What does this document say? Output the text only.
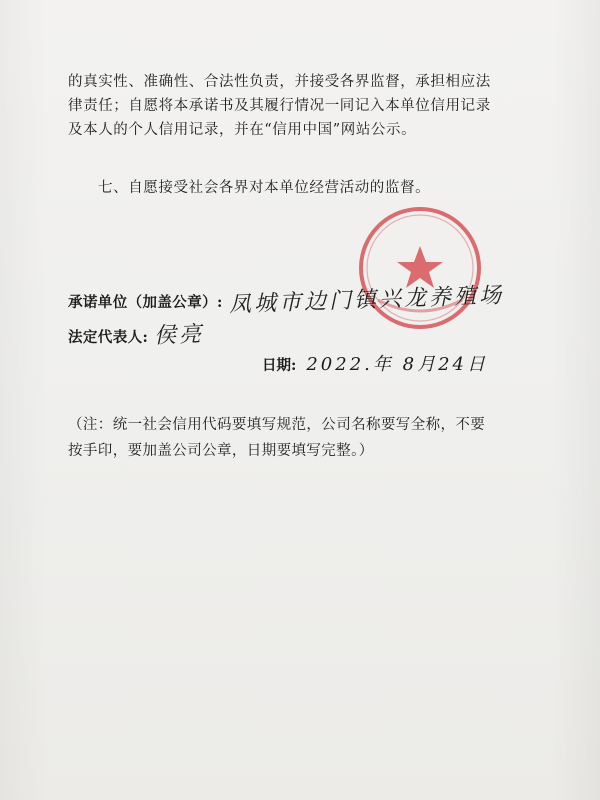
的真实性、准确性、合法性负责，并接受各界监督，承担相应法
律责任；自愿将本承诺书及其履行情况一同记入本单位信用记录
及本人的个人信用记录，并在“信用中国”网站公示。
七、自愿接受社会各界对本单位经营活动的监督。
承诺单位（加盖公章）: 凤城市边门镇兴龙养殖场
法定代表人: 侯亮
日期: 2022.年 8月24日
（注：统一社会信用代码要填写规范，公司名称要写全称，不要
按手印，要加盖公司公章，日期要填写完整。）
